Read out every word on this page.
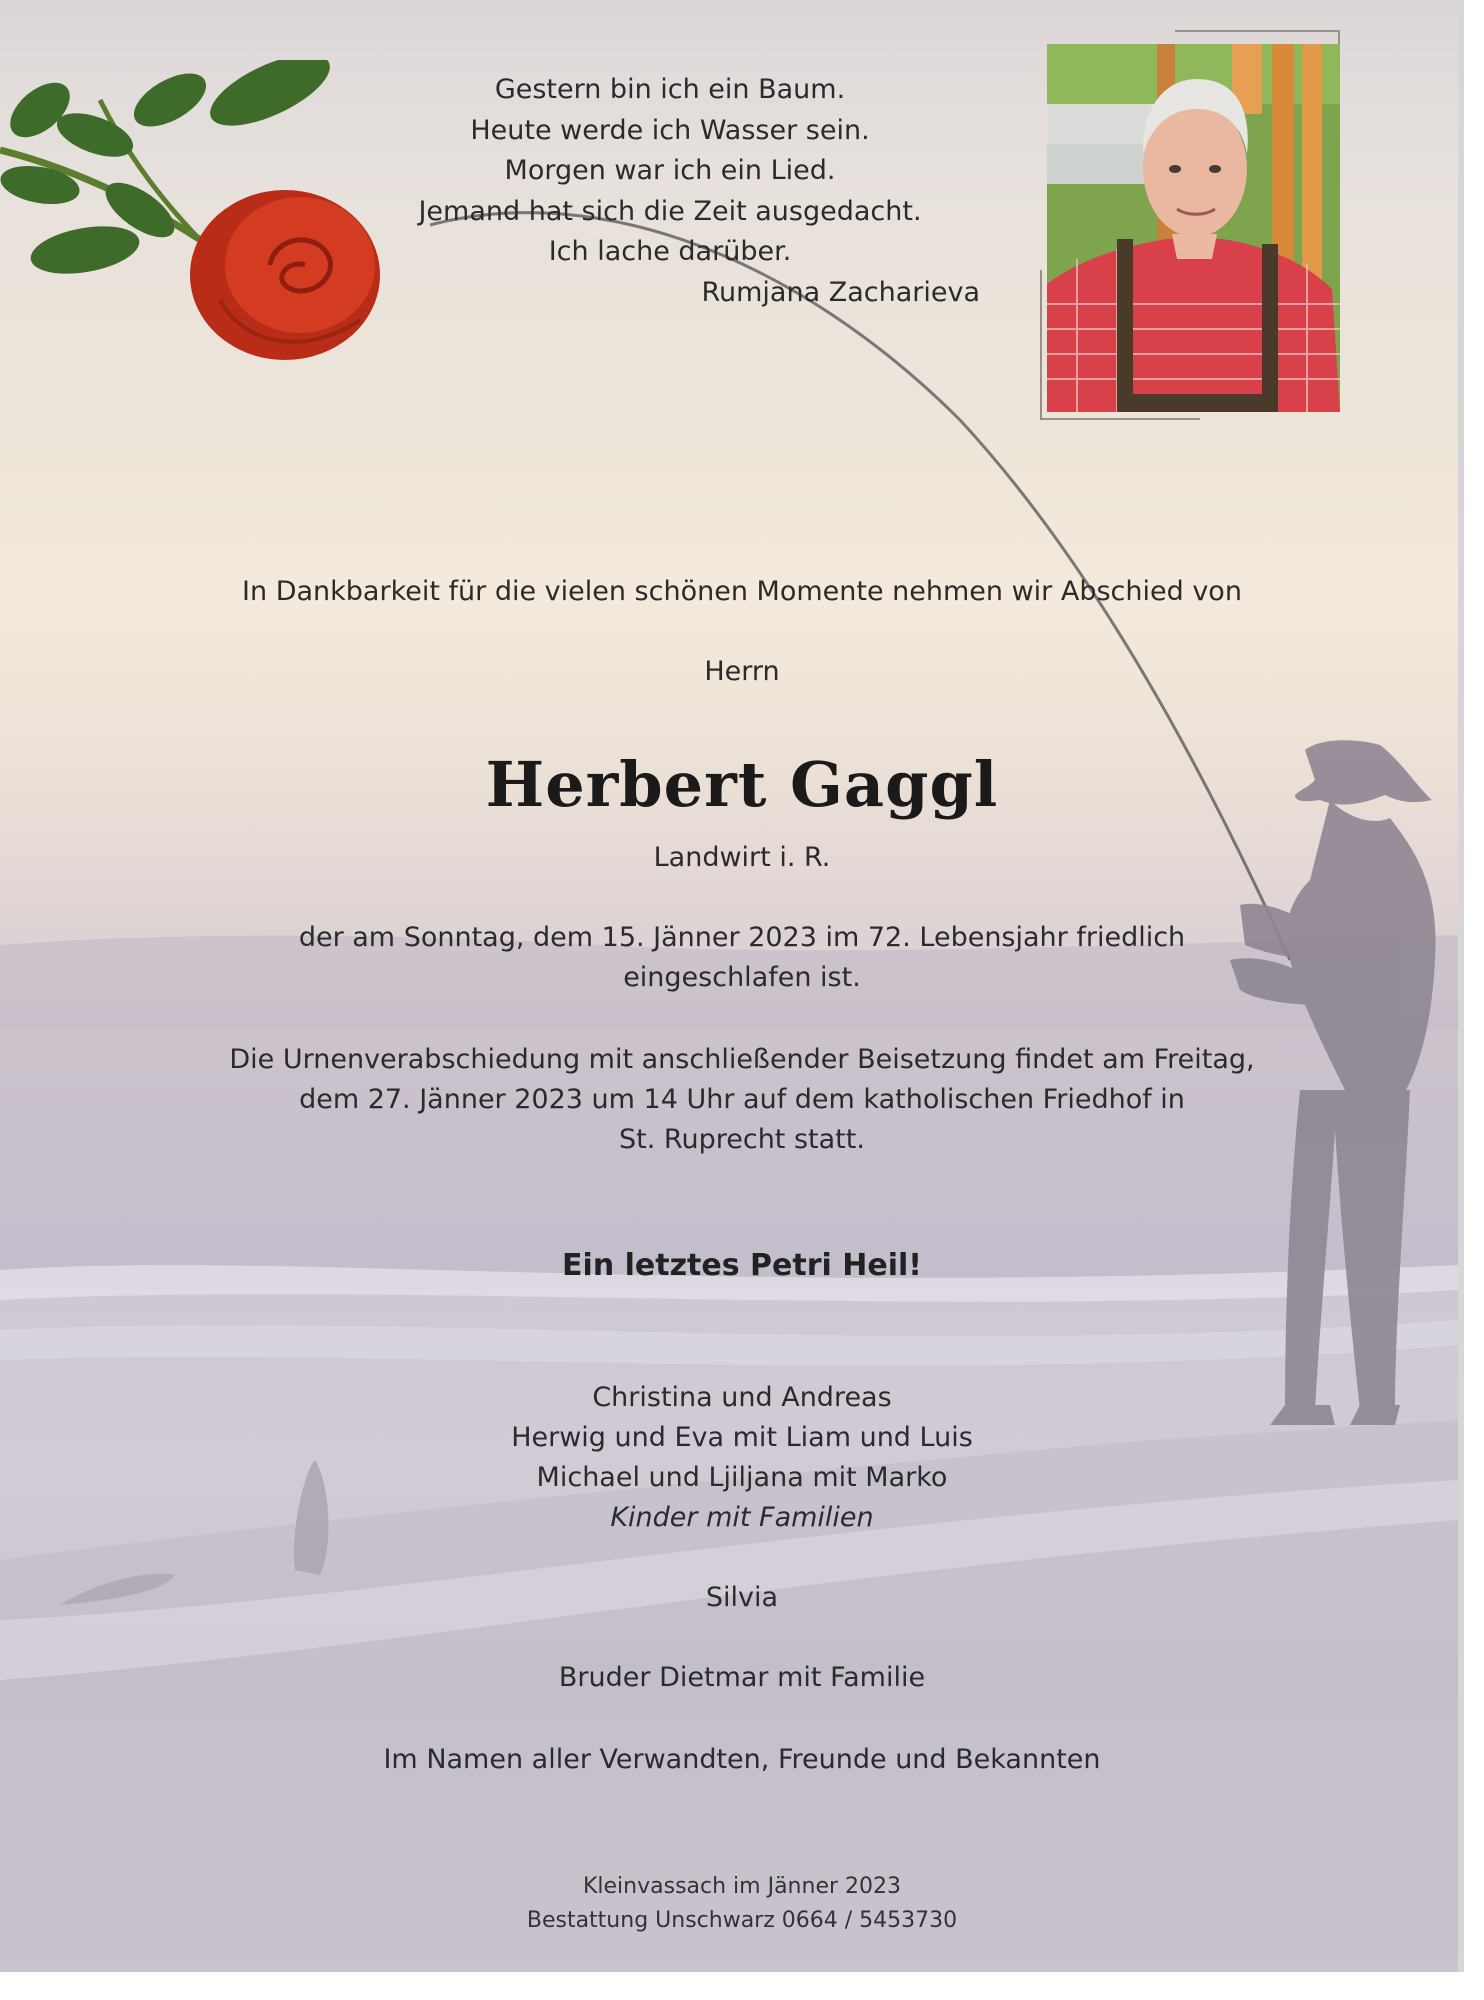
Gestern bin ich ein Baum.
Heute werde ich Wasser sein.
Morgen war ich ein Lied.
Jemand hat sich die Zeit ausgedacht.
Ich lache darüber.
Rumjana Zacharieva
In Dankbarkeit für die vielen schönen Momente nehmen wir Abschied von
Herrn
Herbert Gaggl
Landwirt i. R.
der am Sonntag, dem 15. Jänner 2023 im 72. Lebensjahr friedlich
eingeschlafen ist.
Die Urnenverabschiedung mit anschließender Beisetzung findet am Freitag,
dem 27. Jänner 2023 um 14 Uhr auf dem katholischen Friedhof in
St. Ruprecht statt.
Ein letztes Petri Heil!
Christina und Andreas
Herwig und Eva mit Liam und Luis
Michael und Ljiljana mit Marko
Kinder mit Familien
Silvia
Bruder Dietmar mit Familie
Im Namen aller Verwandten, Freunde und Bekannten
Kleinvassach im Jänner 2023
Bestattung Unschwarz 0664 / 5453730
